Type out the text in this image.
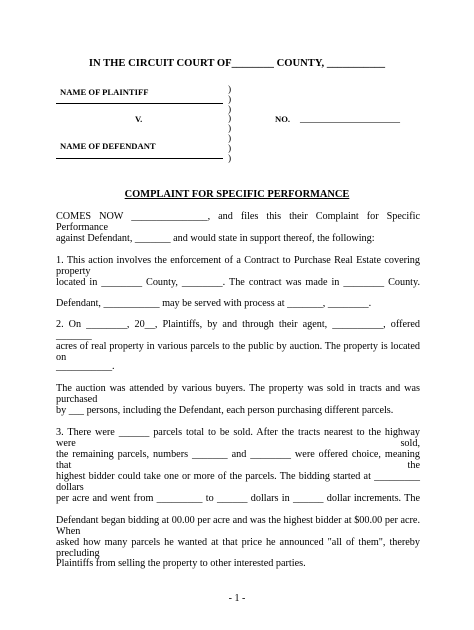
IN THE CIRCUIT COURT OF________ COUNTY, ___________
NAME OF PLAINTIFF
V.
NAME OF DEFENDANT
)
)
)
)
)
)
)
)
NO. ____________________
COMPLAINT FOR SPECIFIC PERFORMANCE
COMES NOW _______________, and files this their Complaint for Specific Performance
against Defendant, _______ and would state in support thereof, the following:
1. This action involves the enforcement of a Contract to Purchase Real Estate covering property
located in ________ County, ________. The contract was made in ________ County.
Defendant, ___________ may be served with process at _______, ________.
2. On ________, 20__, Plaintiffs, by and through their agent, __________, offered _______
acres of real property in various parcels to the public by auction. The property is located on
___________.
The auction was attended by various buyers. The property was sold in tracts and was purchased
by ___ persons, including the Defendant, each person purchasing different parcels.
3. There were ______ parcels total to be sold. After the tracts nearest to the highway were sold,
the remaining parcels, numbers _______ and ________ were offered choice, meaning that the
highest bidder could take one or more of the parcels. The bidding started at _________ dollars
per acre and went from _________ to ______ dollars in ______ dollar increments. The
Defendant began bidding at 00.00 per acre and was the highest bidder at $00.00 per acre. When
asked how many parcels he wanted at that price he announced "all of them", thereby precluding
Plaintiffs from selling the property to other interested parties.
- 1 -
